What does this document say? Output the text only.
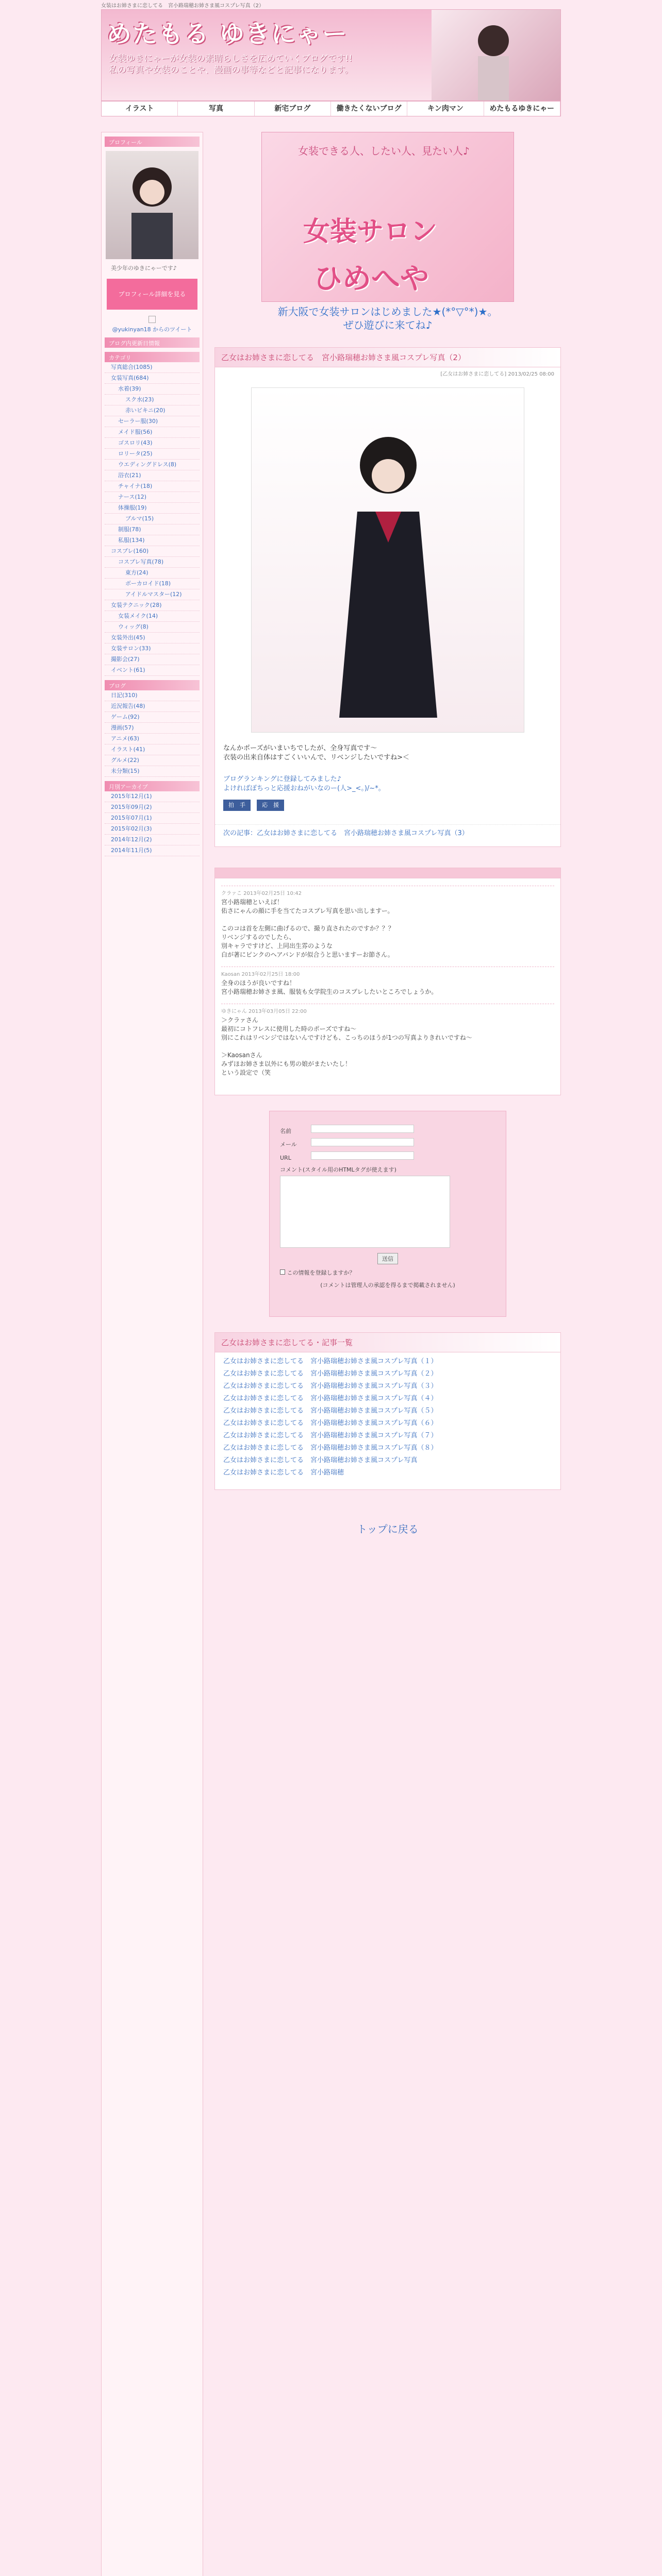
女装はお姉さまに恋してる　宮小路瑞穂お姉さま風コスプレ写真（2）
めたもる ゆきにゃー
女装ゆきにゃーが女装の素晴らしさを広めていくブログです!!
私の写真や女装のことや、漫画の事等などと記事になります。
イラスト	写真	新宅ブログ	働きたくないブログ	キン肉マン	めたもるゆきにゃー
プロフィール
美少年のゆきにゃーです♪
プロフィール詳細を見る
@yukinyan18 からのツイート
ブログ内更新日情報
カテゴリ
写真総合(1085)
女装写真(684)
水着(39)
スク水(23)
赤いビキニ(20)
セーラー服(30)
メイド服(56)
ゴスロリ(43)
ロリータ(25)
ウエディングドレス(8)
浴衣(21)
チャイナ(18)
ナース(12)
体操服(19)
ブルマ(15)
制服(78)
私服(134)
コスプレ(160)
コスプレ写真(78)
東方(24)
ボーカロイド(18)
アイドルマスター(12)
女装テクニック(28)
女装メイク(14)
ウィッグ(8)
女装外出(45)
女装サロン(33)
撮影会(27)
イベント(61)
ブログ
日記(310)
近況報告(48)
ゲーム(92)
漫画(57)
アニメ(63)
イラスト(41)
グルメ(22)
未分類(15)
月別アーカイブ
2015年12月(1)
2015年09月(2)
2015年07月(1)
2015年02月(3)
2014年12月(2)
2014年11月(5)
女装できる人、したい人、見たい人♪
女装サロン
ひめへや
新大阪で女装サロンはじめました★(*°▽°*)★。
ぜひ遊びに来てね♪
乙女はお姉さまに恋してる　宮小路瑞穂お姉さま風コスプレ写真（2）
[乙女はお姉さまに恋してる] 2013/02/25 08:00
なんかポーズがいまいちでしたが、全身写真です〜
衣装の出来自体はすごくいいんで、リベンジしたいですね>＜
ブログランキングに登録してみました♪
よければぽちっと応援おねがいなのー(人>_<。)/~*。
拍　手	応　援
次の記事：乙女はお姉さまに恋してる　宮小路瑞穂お姉さま風コスプレ写真（3）
クラァこ 2013年02月25日 10:42
宮小路瑞穂といえば！
佑さにゃんの顔に手を当てたコスプレ写真を思い出しますー。

このコは首を左側に曲げるので、撮り直されたのですか？？？
リベンジするのでしたら、
別キャラですけど、上同出生雰のような
白が著にピンクのヘアバンドが似合うと思いますーお節さん。
Kaosan 2013年02月25日 18:00
全身のほうが良いですね！
宮小路瑞穂お姉さま風、服装も女学院生のコスプレしたいところでしょうか。
ゆきにゃん 2013年03月05日 22:00
＞クラァさん
最初にコトフレスに使用した時のポーズですね〜
別にこれはリベンジではないんですけども、こっちのほうが1つの写真よりきれいですね〜

＞Kaosanさん
みずほお姉さま以外にも男の娘がまたいたし！
という設定で（笑
名前
メール
URL
コメント(スタイル用のHTMLタグが使えます)
送信
この情報を登録しますか？
(コメントは管理人の承認を得るまで掲載されません)
乙女はお姉さまに恋してる・記事一覧
乙女はお姉さまに恋してる　宮小路瑞穂お姉さま風コスプレ写真（１）
乙女はお姉さまに恋してる　宮小路瑞穂お姉さま風コスプレ写真（２）
乙女はお姉さまに恋してる　宮小路瑞穂お姉さま風コスプレ写真（３）
乙女はお姉さまに恋してる　宮小路瑞穂お姉さま風コスプレ写真（４）
乙女はお姉さまに恋してる　宮小路瑞穂お姉さま風コスプレ写真（５）
乙女はお姉さまに恋してる　宮小路瑞穂お姉さま風コスプレ写真（６）
乙女はお姉さまに恋してる　宮小路瑞穂お姉さま風コスプレ写真（７）
乙女はお姉さまに恋してる　宮小路瑞穂お姉さま風コスプレ写真（８）
乙女はお姉さまに恋してる　宮小路瑞穂お姉さま風コスプレ写真
乙女はお姉さまに恋してる　宮小路瑞穂
トップに戻る
